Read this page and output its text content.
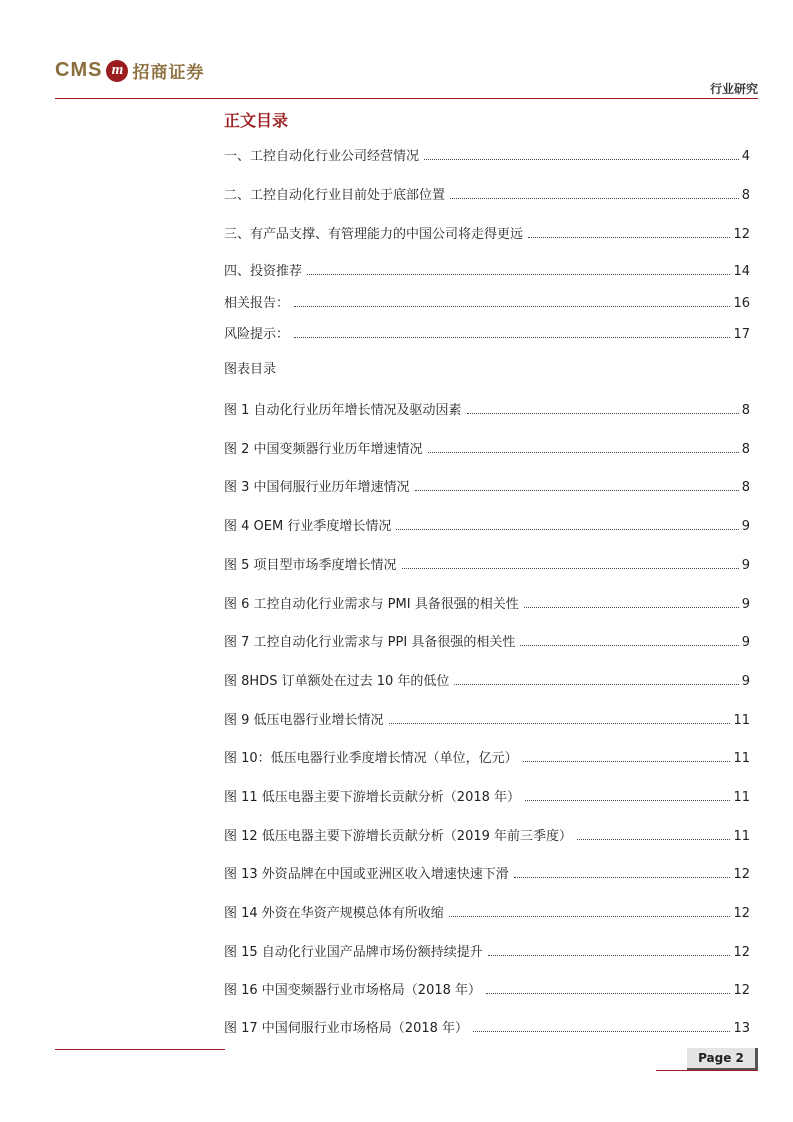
CMS m 招商证券
行业研究
正文目录
一、工控自动化行业公司经营情况	4
二、工控自动化行业目前处于底部位置	8
三、有产品支撑、有管理能力的中国公司将走得更远	12
四、投资推荐	14
相关报告：	16
风险提示：	17
图表目录
图 1 自动化行业历年增长情况及驱动因素	8
图 2 中国变频器行业历年增速情况	8
图 3 中国伺服行业历年增速情况	8
图 4 OEM 行业季度增长情况	9
图 5 项目型市场季度增长情况	9
图 6 工控自动化行业需求与 PMI 具备很强的相关性	9
图 7 工控自动化行业需求与 PPI 具备很强的相关性	9
图 8HDS 订单额处在过去 10 年的低位	9
图 9 低压电器行业增长情况	11
图 10：低压电器行业季度增长情况（单位，亿元）	11
图 11 低压电器主要下游增长贡献分析（2018 年）	11
图 12 低压电器主要下游增长贡献分析（2019 年前三季度）	11
图 13 外资品牌在中国或亚洲区收入增速快速下滑	12
图 14 外资在华资产规模总体有所收缩	12
图 15 自动化行业国产品牌市场份额持续提升	12
图 16 中国变频器行业市场格局（2018 年）	12
图 17 中国伺服行业市场格局（2018 年）	13
Page 2
